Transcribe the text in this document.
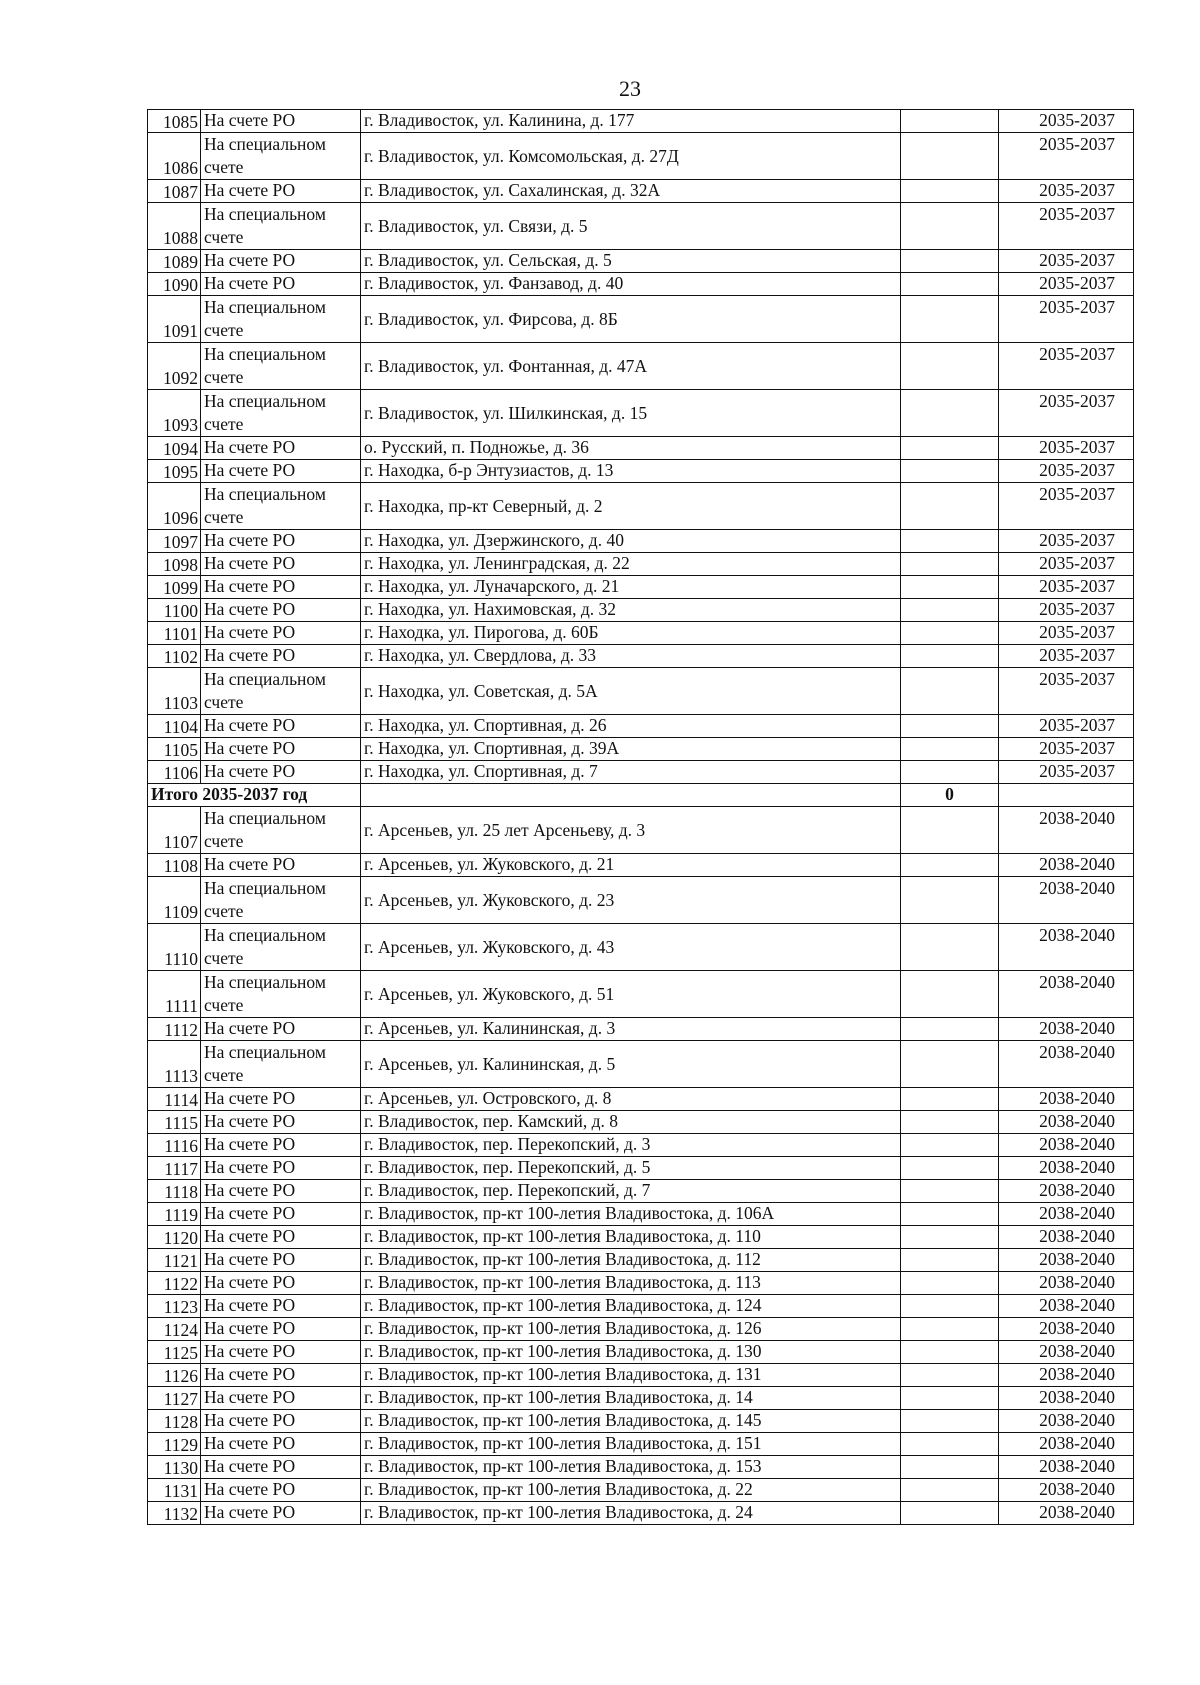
23
1085	На счете РО	г. Владивосток, ул. Калинина, д. 177		2035-2037
1086	На специальном
счете	г. Владивосток, ул. Комсомольская, д. 27Д		2035-2037
1087	На счете РО	г. Владивосток, ул. Сахалинская, д. 32А		2035-2037
1088	На специальном
счете	г. Владивосток, ул. Связи, д. 5		2035-2037
1089	На счете РО	г. Владивосток, ул. Сельская, д. 5		2035-2037
1090	На счете РО	г. Владивосток, ул. Фанзавод, д. 40		2035-2037
1091	На специальном
счете	г. Владивосток, ул. Фирсова, д. 8Б		2035-2037
1092	На специальном
счете	г. Владивосток, ул. Фонтанная, д. 47А		2035-2037
1093	На специальном
счете	г. Владивосток, ул. Шилкинская, д. 15		2035-2037
1094	На счете РО	о. Русский, п. Подножье, д. 36		2035-2037
1095	На счете РО	г. Находка, б-р Энтузиастов, д. 13		2035-2037
1096	На специальном
счете	г. Находка, пр-кт Северный, д. 2		2035-2037
1097	На счете РО	г. Находка, ул. Дзержинского, д. 40		2035-2037
1098	На счете РО	г. Находка, ул. Ленинградская, д. 22		2035-2037
1099	На счете РО	г. Находка, ул. Луначарского, д. 21		2035-2037
1100	На счете РО	г. Находка, ул. Нахимовская, д. 32		2035-2037
1101	На счете РО	г. Находка, ул. Пирогова, д. 60Б		2035-2037
1102	На счете РО	г. Находка, ул. Свердлова, д. 33		2035-2037
1103	На специальном
счете	г. Находка, ул. Советская, д. 5А		2035-2037
1104	На счете РО	г. Находка, ул. Спортивная, д. 26		2035-2037
1105	На счете РО	г. Находка, ул. Спортивная, д. 39А		2035-2037
1106	На счете РО	г. Находка, ул. Спортивная, д. 7		2035-2037
Итого 2035-2037 год			0	
1107	На специальном
счете	г. Арсеньев, ул. 25 лет Арсеньеву, д. 3		2038-2040
1108	На счете РО	г. Арсеньев, ул. Жуковского, д. 21		2038-2040
1109	На специальном
счете	г. Арсеньев, ул. Жуковского, д. 23		2038-2040
1110	На специальном
счете	г. Арсеньев, ул. Жуковского, д. 43		2038-2040
1111	На специальном
счете	г. Арсеньев, ул. Жуковского, д. 51		2038-2040
1112	На счете РО	г. Арсеньев, ул. Калининская, д. 3		2038-2040
1113	На специальном
счете	г. Арсеньев, ул. Калининская, д. 5		2038-2040
1114	На счете РО	г. Арсеньев, ул. Островского, д. 8		2038-2040
1115	На счете РО	г. Владивосток, пер. Камский, д. 8		2038-2040
1116	На счете РО	г. Владивосток, пер. Перекопский, д. 3		2038-2040
1117	На счете РО	г. Владивосток, пер. Перекопский, д. 5		2038-2040
1118	На счете РО	г. Владивосток, пер. Перекопский, д. 7		2038-2040
1119	На счете РО	г. Владивосток, пр-кт 100-летия Владивостока, д. 106А		2038-2040
1120	На счете РО	г. Владивосток, пр-кт 100-летия Владивостока, д. 110		2038-2040
1121	На счете РО	г. Владивосток, пр-кт 100-летия Владивостока, д. 112		2038-2040
1122	На счете РО	г. Владивосток, пр-кт 100-летия Владивостока, д. 113		2038-2040
1123	На счете РО	г. Владивосток, пр-кт 100-летия Владивостока, д. 124		2038-2040
1124	На счете РО	г. Владивосток, пр-кт 100-летия Владивостока, д. 126		2038-2040
1125	На счете РО	г. Владивосток, пр-кт 100-летия Владивостока, д. 130		2038-2040
1126	На счете РО	г. Владивосток, пр-кт 100-летия Владивостока, д. 131		2038-2040
1127	На счете РО	г. Владивосток, пр-кт 100-летия Владивостока, д. 14		2038-2040
1128	На счете РО	г. Владивосток, пр-кт 100-летия Владивостока, д. 145		2038-2040
1129	На счете РО	г. Владивосток, пр-кт 100-летия Владивостока, д. 151		2038-2040
1130	На счете РО	г. Владивосток, пр-кт 100-летия Владивостока, д. 153		2038-2040
1131	На счете РО	г. Владивосток, пр-кт 100-летия Владивостока, д. 22		2038-2040
1132	На счете РО	г. Владивосток, пр-кт 100-летия Владивостока, д. 24		2038-2040
